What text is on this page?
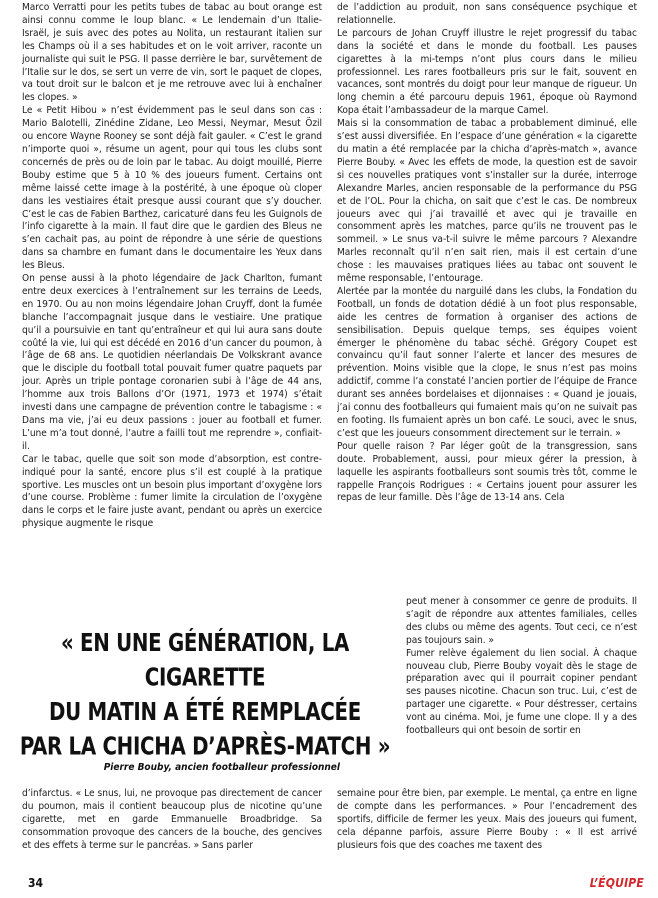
Marco Verratti pour les petits tubes de tabac au bout orange est ainsi connu comme le loup blanc. « Le lendemain d’un Italie-Israël, je suis avec des potes au Nolita, un restaurant italien sur les Champs où il a ses habitudes et on le voit arriver, raconte un journaliste qui suit le PSG. Il passe derrière le bar, survêtement de l’Italie sur le dos, se sert un verre de vin, sort le paquet de clopes, va tout droit sur le balcon et je me retrouve avec lui à enchaîner les clopes. »

Le « Petit Hibou » n’est évidemment pas le seul dans son cas : Mario Balotelli, Zinédine Zidane, Leo Messi, Neymar, Mesut Özil ou encore Wayne Rooney se sont déjà fait gauler. « C’est le grand n’importe quoi », résume un agent, pour qui tous les clubs sont concernés de près ou de loin par le tabac. Au doigt mouillé, Pierre Bouby estime que 5 à 10 % des joueurs fument. Certains ont même laissé cette image à la postérité, à une époque où cloper dans les vestiaires était presque aussi courant que s’y doucher. C’est le cas de Fabien Barthez, caricaturé dans feu les Guignols de l’info cigarette à la main. Il faut dire que le gardien des Bleus ne s’en cachait pas, au point de répondre à une série de questions dans sa chambre en fumant dans le documentaire les Yeux dans les Bleus.

On pense aussi à la photo légendaire de Jack Charlton, fumant entre deux exercices à l’entraînement sur les terrains de Leeds, en 1970. Ou au non moins légendaire Johan Cruyff, dont la fumée blanche l’accompagnait jusque dans le vestiaire. Une pratique qu’il a poursuivie en tant qu’entraîneur et qui lui aura sans doute coûté la vie, lui qui est décédé en 2016 d’un cancer du poumon, à l’âge de 68 ans. Le quotidien néerlandais De Volkskrant avance que le disciple du football total pouvait fumer quatre paquets par jour. Après un triple pontage coronarien subi à l’âge de 44 ans, l’homme aux trois Ballons d’Or (1971, 1973 et 1974) s’était investi dans une campagne de prévention contre le tabagisme : « Dans ma vie, j’ai eu deux passions : jouer au football et fumer. L’une m’a tout donné, l’autre a failli tout me reprendre », confiait-il.

Car le tabac, quelle que soit son mode d’absorption, est contre-indiqué pour la santé, encore plus s’il est couplé à la pratique sportive. Les muscles ont un besoin plus important d’oxygène lors d’une course. Problème : fumer limite la circulation de l’oxygène dans le corps et le faire juste avant, pendant ou après un exercice physique augmente le risque

de l’addiction au produit, non sans conséquence psychique et relationnelle.

Le parcours de Johan Cruyff illustre le rejet progressif du tabac dans la société et dans le monde du football. Les pauses cigarettes à la mi-temps n’ont plus cours dans le milieu professionnel. Les rares footballeurs pris sur le fait, souvent en vacances, sont montrés du doigt pour leur manque de rigueur. Un long chemin a été parcouru depuis 1961, époque où Raymond Kopa était l’ambassadeur de la marque Camel.

Mais si la consommation de tabac a probablement diminué, elle s’est aussi diversifiée. En l’espace d’une génération « la cigarette du matin a été remplacée par la chicha d’après-match », avance Pierre Bouby. « Avec les effets de mode, la question est de savoir si ces nouvelles pratiques vont s’installer sur la durée, interroge Alexandre Marles, ancien responsable de la performance du PSG et de l’OL. Pour la chicha, on sait que c’est le cas. De nombreux joueurs avec qui j’ai travaillé et avec qui je travaille en consomment après les matches, parce qu’ils ne trouvent pas le sommeil. » Le snus va-t-il suivre le même parcours ? Alexandre Marles reconnaît qu’il n’en sait rien, mais il est certain d’une chose : les mauvaises pratiques liées au tabac ont souvent le même responsable, l’entourage.

Alertée par la montée du narguilé dans les clubs, la Fondation du Football, un fonds de dotation dédié à un foot plus responsable, aide les centres de formation à organiser des actions de sensibilisation. Depuis quelque temps, ses équipes voient émerger le phénomène du tabac séché. Grégory Coupet est convaincu qu’il faut sonner l’alerte et lancer des mesures de prévention. Moins visible que la clope, le snus n’est pas moins addictif, comme l’a constaté l’ancien portier de l’équipe de France durant ses années bordelaises et dijonnaises : « Quand je jouais, j’ai connu des footballeurs qui fumaient mais qu’on ne suivait pas en footing. Ils fumaient après un bon café. Le souci, avec le snus, c’est que les joueurs consomment directement sur le terrain. »

Pour quelle raison ? Par léger goût de la transgression, sans doute. Probablement, aussi, pour mieux gérer la pression, à laquelle les aspirants footballeurs sont soumis très tôt, comme le rappelle François Rodrigues : « Certains jouent pour assurer les repas de leur famille. Dès l’âge de 13-14 ans. Cela

« EN UNE GÉNÉRATION, LA CIGARETTE
DU MATIN A ÉTÉ REMPLACÉE
PAR LA CHICHA D’APRÈS-MATCH »
Pierre Bouby, ancien footballeur professionnel

peut mener à consommer ce genre de produits. Il s’agit de répondre aux attentes familiales, celles des clubs ou même des agents. Tout ceci, ce n’est pas toujours sain. »

Fumer relève également du lien social. À chaque nouveau club, Pierre Bouby voyait dès le stage de préparation avec qui il pourrait copiner pendant ses pauses nicotine. Chacun son truc. Lui, c’est de partager une cigarette. « Pour déstresser, certains vont au cinéma. Moi, je fume une clope. Il y a des footballeurs qui ont besoin de sortir en

d’infarctus. « Le snus, lui, ne provoque pas directement de cancer du poumon, mais il contient beaucoup plus de nicotine qu’une cigarette, met en garde Emmanuelle Broadbridge. Sa consommation provoque des cancers de la bouche, des gencives et des effets à terme sur le pancréas. » Sans parler

semaine pour être bien, par exemple. Le mental, ça entre en ligne de compte dans les performances. » Pour l’encadrement des sportifs, difficile de fermer les yeux. Mais des joueurs qui fument, cela dépanne parfois, assure Pierre Bouby : « Il est arrivé plusieurs fois que des coaches me taxent des

34	L’ÉQUIPE
